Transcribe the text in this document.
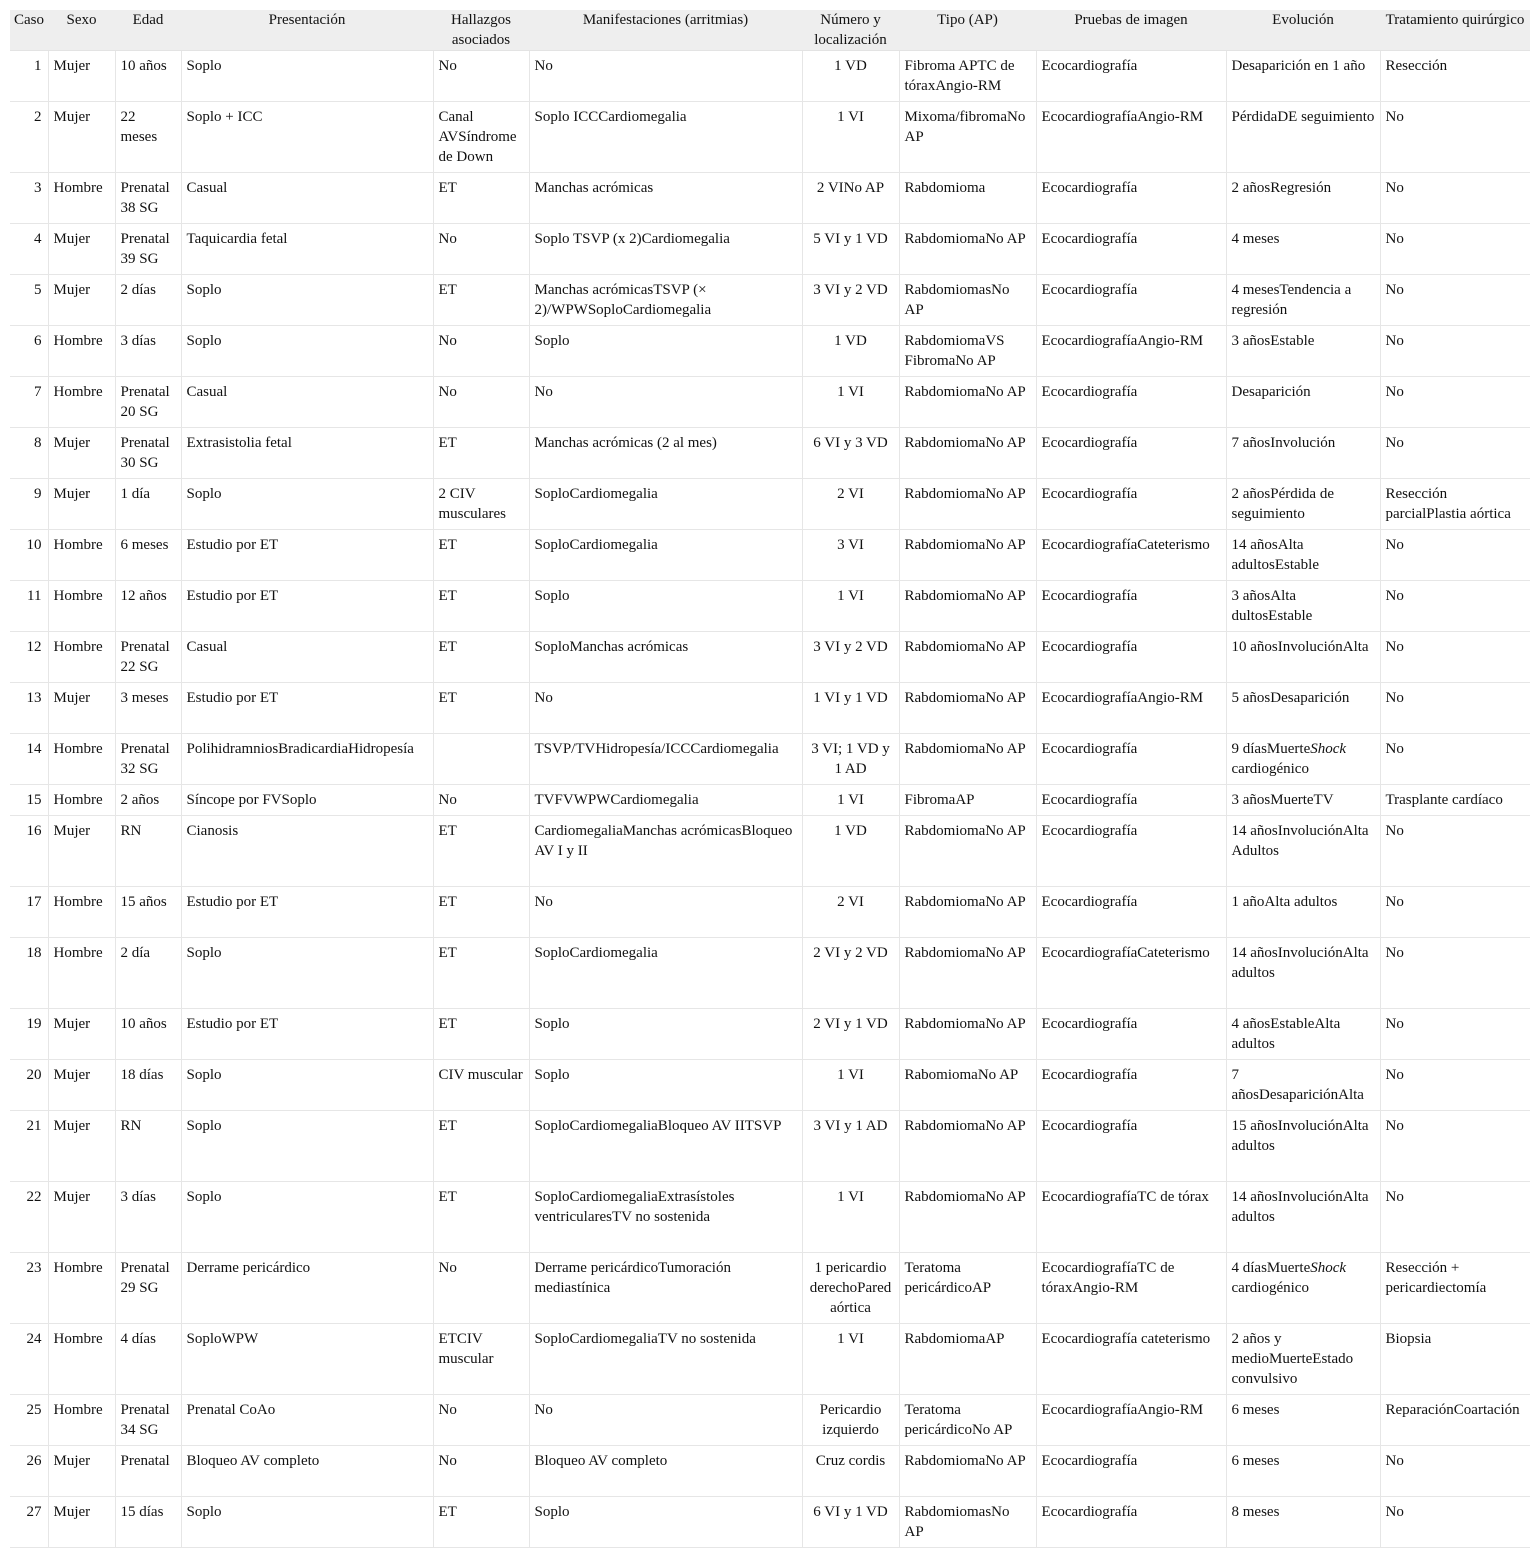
Caso	Sexo	Edad	Presentación	Hallazgos asociados	Manifestaciones (arritmias)	Número y localización	Tipo (AP)	Pruebas de imagen	Evolución	Tratamiento quirúrgico
1	Mujer	10 años	Soplo	No	No	1 VD	Fibroma APTC de tóraxAngio-RM	Ecocardiografía	Desaparición en 1 año	Resección
2	Mujer	22 meses	Soplo + ICC	Canal AVSíndrome de Down	Soplo ICCCardiomegalia	1 VI	Mixoma/fibromaNo AP	EcocardiografíaAngio-RM	PérdidaDE seguimiento	No
3	Hombre	Prenatal 38 SG	Casual	ET	Manchas acrómicas	2 VINo AP	Rabdomioma	Ecocardiografía	2 añosRegresión	No
4	Mujer	Prenatal 39 SG	Taquicardia fetal	No	Soplo TSVP (x 2)Cardiomegalia	5 VI y 1 VD	RabdomiomaNo AP	Ecocardiografía	4 meses	No
5	Mujer	2 días	Soplo	ET	Manchas acrómicasTSVP (× 2)/WPWSoploCardiomegalia	3 VI y 2 VD	RabdomiomasNo AP	Ecocardiografía	4 mesesTendencia a regresión	No
6	Hombre	3 días	Soplo	No	Soplo	1 VD	RabdomiomaVS FibromaNo AP	EcocardiografíaAngio-RM	3 añosEstable	No
7	Hombre	Prenatal 20 SG	Casual	No	No	1 VI	RabdomiomaNo AP	Ecocardiografía	Desaparición	No
8	Mujer	Prenatal 30 SG	Extrasistolia fetal	ET	Manchas acrómicas (2 al mes)	6 VI y 3 VD	RabdomiomaNo AP	Ecocardiografía	7 añosInvolución	No
9	Mujer	1 día	Soplo	2 CIV musculares	SoploCardiomegalia	2 VI	RabdomiomaNo AP	Ecocardiografía	2 añosPérdida de seguimiento	Resección parcialPlastia aórtica
10	Hombre	6 meses	Estudio por ET	ET	SoploCardiomegalia	3 VI	RabdomiomaNo AP	EcocardiografíaCateterismo	14 añosAlta adultosEstable	No
11	Hombre	12 años	Estudio por ET	ET	Soplo	1 VI	RabdomiomaNo AP	Ecocardiografía	3 añosAlta dultosEstable	No
12	Hombre	Prenatal 22 SG	Casual	ET	SoploManchas acrómicas	3 VI y 2 VD	RabdomiomaNo AP	Ecocardiografía	10 añosInvoluciónAlta	No
13	Mujer	3 meses	Estudio por ET	ET	No	1 VI y 1 VD	RabdomiomaNo AP	EcocardiografíaAngio-RM	5 añosDesaparición	No
14	Hombre	Prenatal 32 SG	PolihidramniosBradicardiaHidropesía		TSVP/TVHidropesía/ICCCardiomegalia	3 VI; 1 VD y 1 AD	RabdomiomaNo AP	Ecocardiografía	9 díasMuerteShock cardiogénico	No
15	Hombre	2 años	Síncope por FVSoplo	No	TVFVWPWCardiomegalia	1 VI	FibromaAP	Ecocardiografía	3 añosMuerteTV	Trasplante cardíaco
16	Mujer	RN	Cianosis	ET	CardiomegaliaManchas acrómicasBloqueo AV I y II	1 VD	RabdomiomaNo AP	Ecocardiografía	14 añosInvoluciónAlta Adultos	No
17	Hombre	15 años	Estudio por ET	ET	No	2 VI	RabdomiomaNo AP	Ecocardiografía	1 añoAlta adultos	No
18	Hombre	2 día	Soplo	ET	SoploCardiomegalia	2 VI y 2 VD	RabdomiomaNo AP	EcocardiografíaCateterismo	14 añosInvoluciónAlta adultos	No
19	Mujer	10 años	Estudio por ET	ET	Soplo	2 VI y 1 VD	RabdomiomaNo AP	Ecocardiografía	4 añosEstableAlta adultos	No
20	Mujer	18 días	Soplo	CIV muscular	Soplo	1 VI	RabomiomaNo AP	Ecocardiografía	7 añosDesapariciónAlta	No
21	Mujer	RN	Soplo	ET	SoploCardiomegaliaBloqueo AV IITSVP	3 VI y 1 AD	RabdomiomaNo AP	Ecocardiografía	15 añosInvoluciónAlta adultos	No
22	Mujer	3 días	Soplo	ET	SoploCardiomegaliaExtrasístoles ventricularesTV no sostenida	1 VI	RabdomiomaNo AP	EcocardiografíaTC de tórax	14 añosInvoluciónAlta adultos	No
23	Hombre	Prenatal 29 SG	Derrame pericárdico	No	Derrame pericárdicoTumoración mediastínica	1 pericardio derechoPared aórtica	Teratoma pericárdicoAP	EcocardiografíaTC de tóraxAngio-RM	4 díasMuerteShock cardiogénico	Resección + pericardiectomía
24	Hombre	4 días	SoploWPW	ETCIV muscular	SoploCardiomegaliaTV no sostenida	1 VI	RabdomiomaAP	Ecocardiografía cateterismo	2 años y medioMuerteEstado convulsivo	Biopsia
25	Hombre	Prenatal 34 SG	Prenatal CoAo	No	No	Pericardio izquierdo	Teratoma pericárdicoNo AP	EcocardiografíaAngio-RM	6 meses	ReparaciónCoartación
26	Mujer	Prenatal	Bloqueo AV completo	No	Bloqueo AV completo	Cruz cordis	RabdomiomaNo AP	Ecocardiografía	6 meses	No
27	Mujer	15 días	Soplo	ET	Soplo	6 VI y 1 VD	RabdomiomasNo AP	Ecocardiografía	8 meses	No
